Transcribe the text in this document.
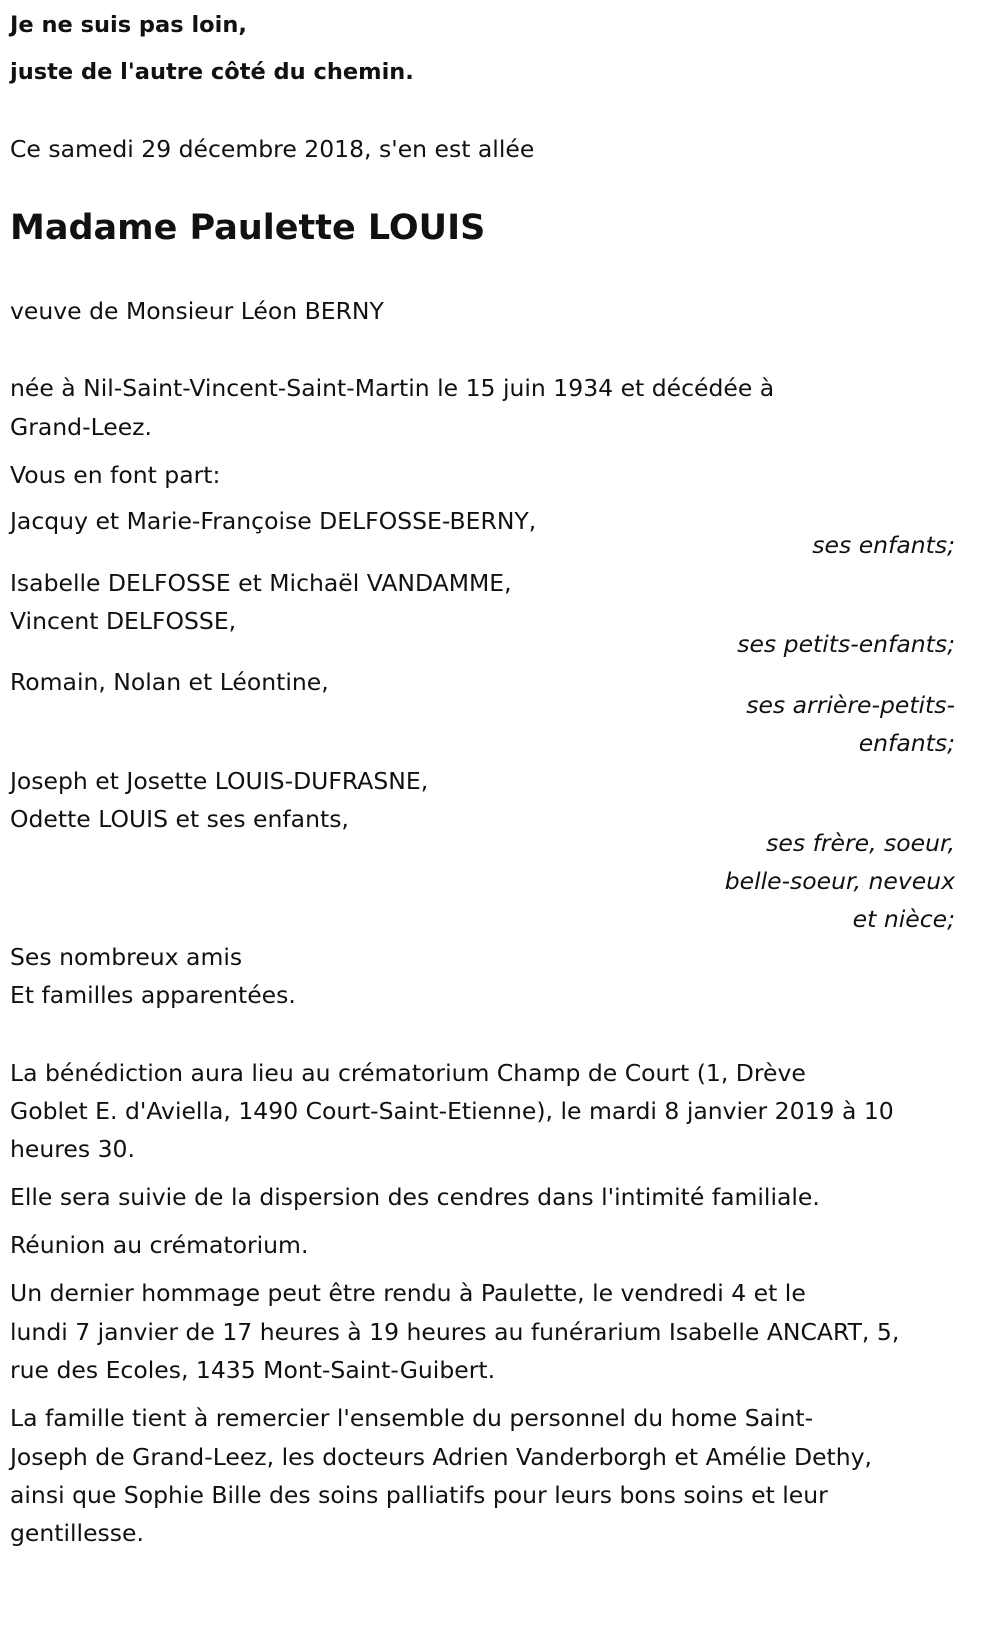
Je ne suis pas loin,
juste de l'autre côté du chemin.
Ce samedi 29 décembre 2018, s'en est allée
Madame Paulette LOUIS
veuve de Monsieur Léon BERNY
née à Nil-Saint-Vincent-Saint-Martin le 15 juin 1934 et décédée à
Grand-Leez.
Vous en font part:
Jacquy et Marie-Françoise DELFOSSE-BERNY,
ses enfants;
Isabelle DELFOSSE et Michaël VANDAMME,
Vincent DELFOSSE,
ses petits-enfants;
Romain, Nolan et Léontine,
ses arrière-petits-
enfants;
Joseph et Josette LOUIS-DUFRASNE,
Odette LOUIS et ses enfants,
ses frère, soeur,
belle-soeur, neveux
et nièce;
Ses nombreux amis
Et familles apparentées.
La bénédiction aura lieu au crématorium Champ de Court (1, Drève
Goblet E. d'Aviella, 1490 Court-Saint-Etienne), le mardi 8 janvier 2019 à 10
heures 30.
Elle sera suivie de la dispersion des cendres dans l'intimité familiale.
Réunion au crématorium.
Un dernier hommage peut être rendu à Paulette, le vendredi 4 et le
lundi 7 janvier de 17 heures à 19 heures au funérarium Isabelle ANCART, 5,
rue des Ecoles, 1435 Mont-Saint-Guibert.
La famille tient à remercier l'ensemble du personnel du home Saint-
Joseph de Grand-Leez, les docteurs Adrien Vanderborgh et Amélie Dethy,
ainsi que Sophie Bille des soins palliatifs pour leurs bons soins et leur
gentillesse.
